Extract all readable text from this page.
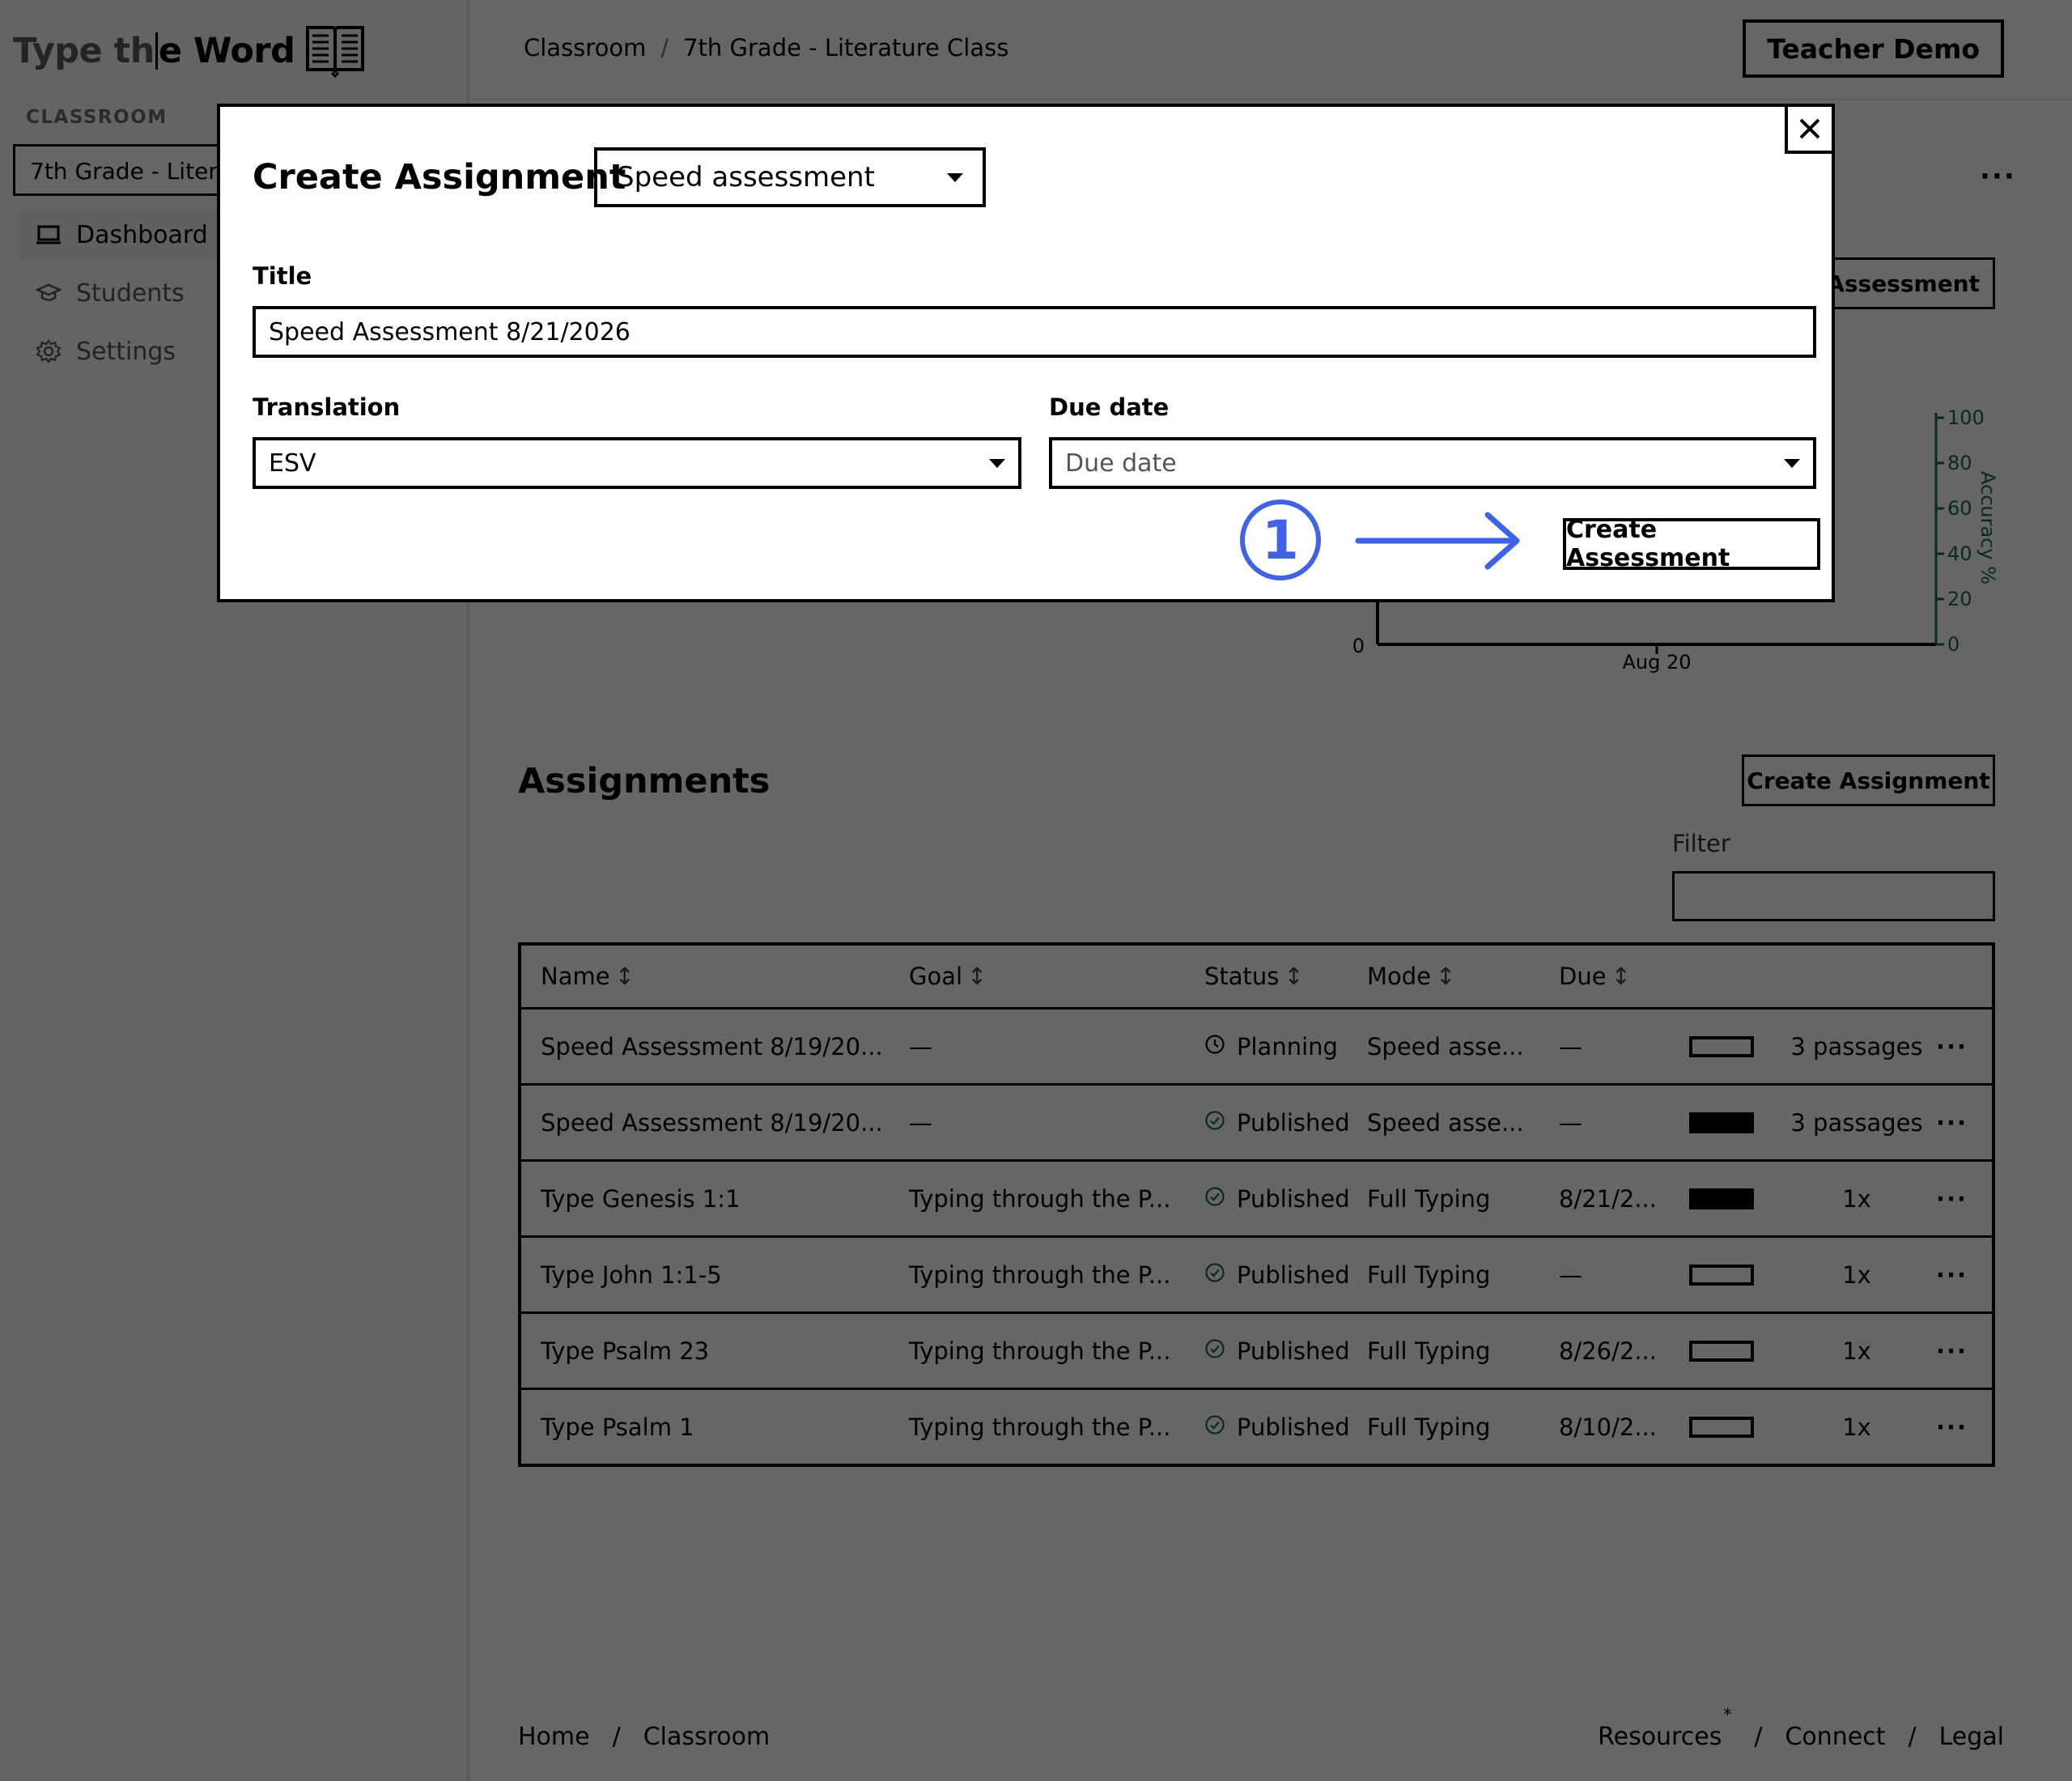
Create Assignment
Speed assessment
Title
Speed Assessment 8/21/2026
Translation
ESV
Due date
Due date
Create Assessment
1
